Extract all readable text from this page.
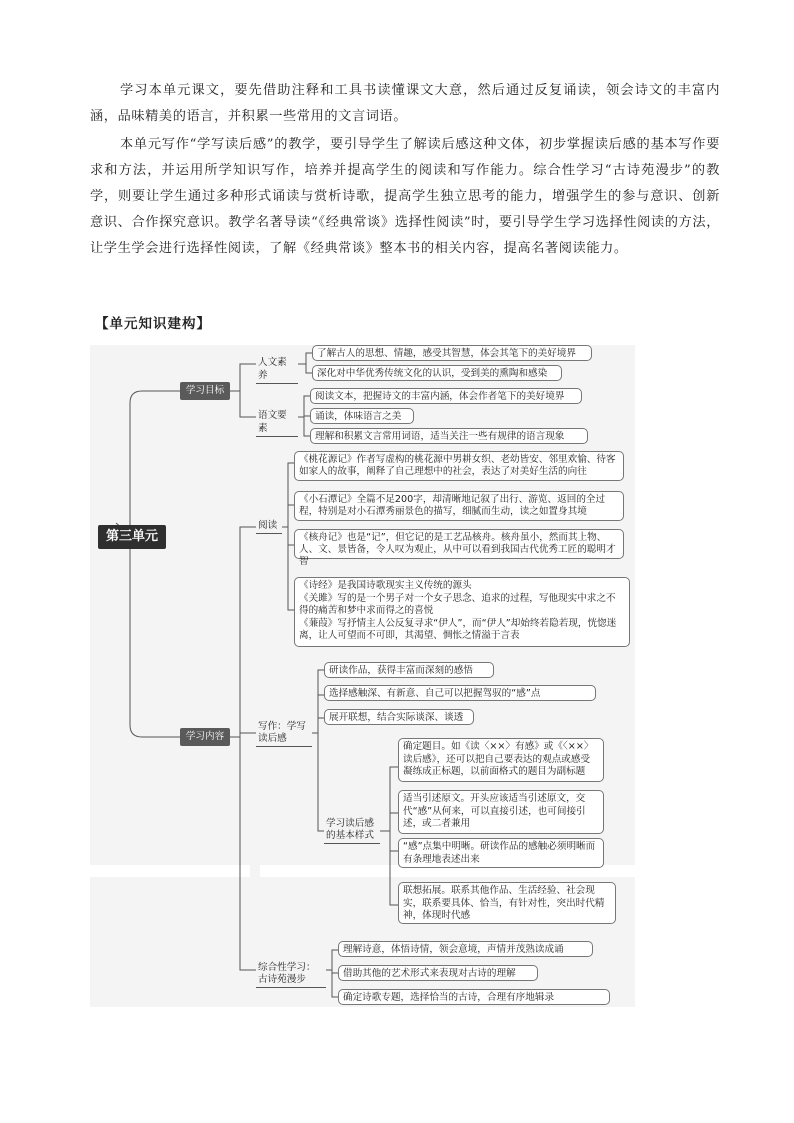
学习本单元课文，要先借助注释和工具书读懂课文大意，然后通过反复诵读，领会诗文的丰富内涵，品味精美的语言，并积累一些常用的文言词语。

本单元写作“学写读后感”的教学，要引导学生了解读后感这种文体，初步掌握读后感的基本写作要求和方法，并运用所学知识写作，培养并提高学生的阅读和写作能力。综合性学习“古诗苑漫步”的教学，则要让学生通过多种形式诵读与赏析诗歌，提高学生独立思考的能力，增强学生的参与意识、创新意识、合作探究意识。教学名著导读“《经典常谈》选择性阅读”时，要引导学生学习选择性阅读的方法，让学生学会进行选择性阅读，了解《经典常谈》整本书的相关内容，提高名著阅读能力。

【单元知识建构】
第三单元
学习目标
人文素养
了解古人的思想、情趣，感受其智慧，体会其笔下的美好境界
深化对中华优秀传统文化的认识，受到美的熏陶和感染
语文要素
阅读文本，把握诗文的丰富内涵，体会作者笔下的美好境界
诵读，体味语言之美
理解和积累文言常用词语，适当关注一些有规律的语言现象
学习内容
阅读
《桃花源记》作者写虚构的桃花源中男耕女织、老幼皆安、邻里欢愉、待客如家人的故事，阐释了自己理想中的社会，表达了对美好生活的向往
《小石潭记》全篇不足200字，却清晰地记叙了出行、游览、返回的全过程，特别是对小石潭秀丽景色的描写，细腻而生动，读之如置身其境
《核舟记》也是“记”，但它记的是工艺品核舟。核舟虽小，然而其上物、人、文、景皆备，令人叹为观止，从中可以看到我国古代优秀工匠的聪明才智
《诗经》是我国诗歌现实主义传统的源头
《关雎》写的是一个男子对一个女子思念、追求的过程，写他现实中求之不得的痛苦和梦中求而得之的喜悦
《蒹葭》写抒情主人公反复寻求“伊人”，而“伊人”却始终若隐若现，恍惚迷离，让人可望而不可即，其渴望、惆怅之情溢于言表
写作：学写读后感
研读作品，获得丰富而深刻的感悟
选择感触深、有新意、自己可以把握驾驭的“感”点
展开联想，结合实际谈深、谈透
学习读后感的基本样式
确定题目。如《读〈××〉有感》或《〈××〉读后感》，还可以把自己要表达的观点或感受凝练成正标题，以前面格式的题目为副标题
适当引述原文。开头应该适当引述原文，交代“感”从何来，可以直接引述，也可间接引述，或二者兼用
“感”点集中明晰。研读作品的感触必须明晰而有条理地表述出来
联想拓展。联系其他作品、生活经验、社会现实，联系要具体、恰当，有针对性，突出时代精神，体现时代感
综合性学习：古诗苑漫步
理解诗意，体悟诗情，领会意境，声情并茂熟读成诵
借助其他的艺术形式来表现对古诗的理解
确定诗歌专题，选择恰当的古诗，合理有序地辑录
